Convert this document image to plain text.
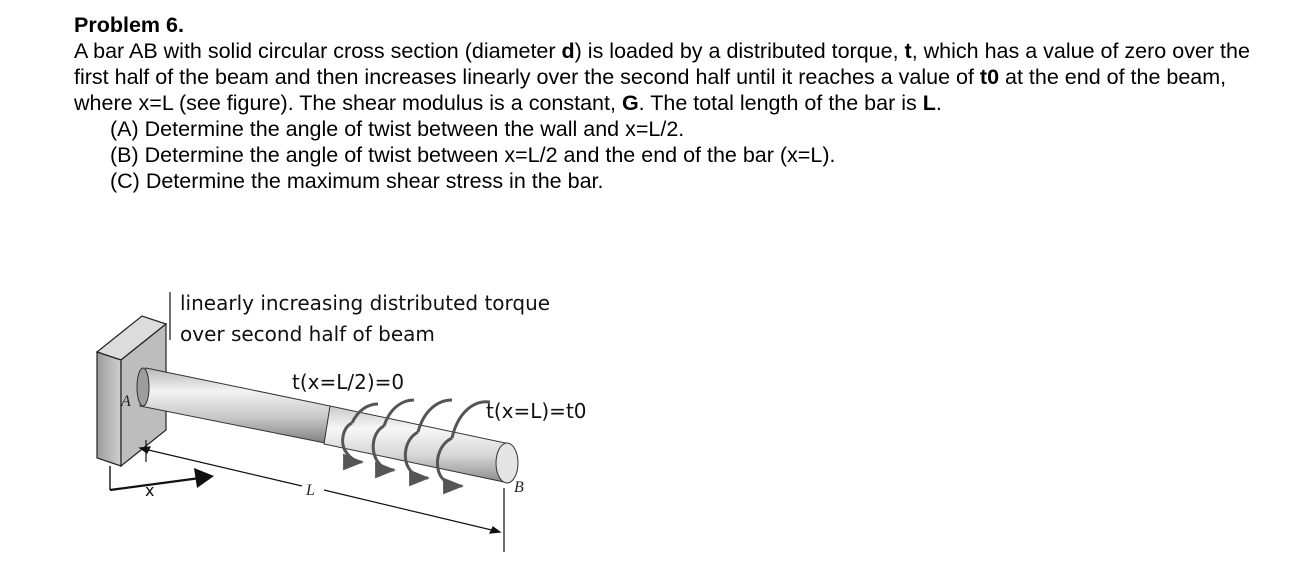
Problem 6.

A bar AB with solid circular cross section (diameter d) is loaded by a distributed torque, t, which has a value of zero over the first half of the beam and then increases linearly over the second half until it reaches a value of t0 at the end of the beam, where x=L (see figure). The shear modulus is a constant, G. The total length of the bar is L.

(A) Determine the angle of twist between the wall and x=L/2.
(B) Determine the angle of twist between x=L/2 and the end of the bar (x=L).
(C) Determine the maximum shear stress in the bar.
linearly increasing distributed torque
over second half of beam
A
B
t(x=L/2)=0
t(x=L)=t0
L
x
